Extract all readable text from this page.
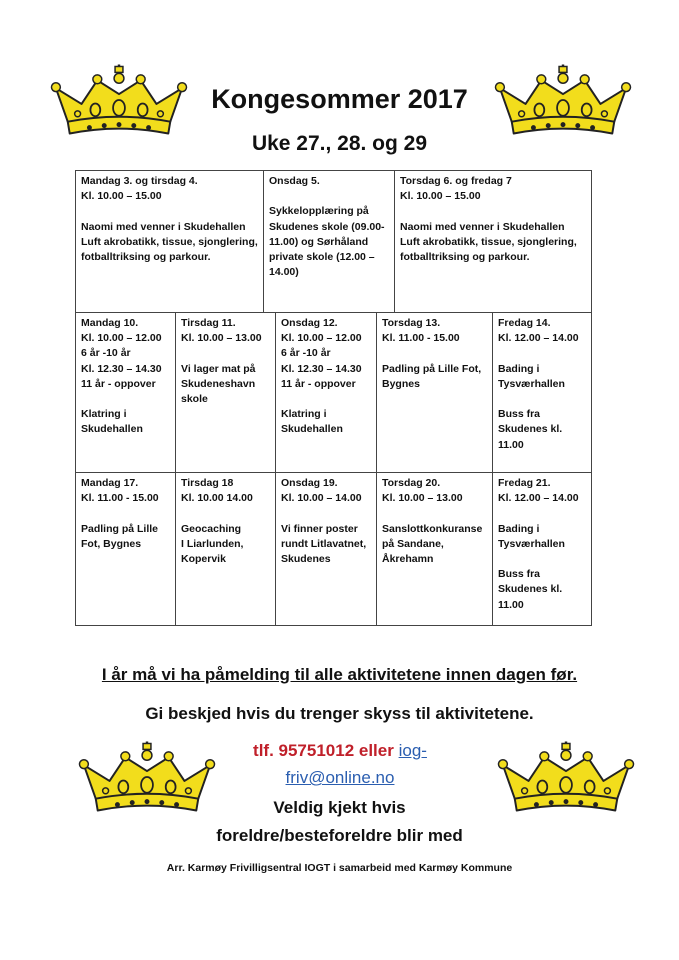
Kongesommer 2017
Uke 27., 28. og 29
Mandag 3. og tirsdag 4.
Kl. 10.00 – 15.00

Naomi med venner i Skudehallen
Luft akrobatikk, tissue, sjonglering, fotballtriksing og parkour.
Onsdag 5.

Sykkelopplæring på Skudenes skole (09.00-11.00) og Sørhåland private skole (12.00 – 14.00)
Torsdag 6. og fredag 7
Kl. 10.00 – 15.00

Naomi med venner i Skudehallen
Luft akrobatikk, tissue, sjonglering, fotballtriksing og parkour.
Mandag 10.
Kl. 10.00 – 12.00
6 år -10 år
Kl. 12.30 – 14.30
11 år - oppover

Klatring i Skudehallen
Tirsdag 11.
Kl. 10.00 – 13.00

Vi lager mat på Skudeneshavn skole
Onsdag 12.
Kl. 10.00 – 12.00
6 år -10 år
Kl. 12.30 – 14.30
11 år - oppover

Klatring i Skudehallen
Torsdag 13.
Kl. 11.00 - 15.00

Padling på Lille Fot, Bygnes
Fredag 14.
Kl. 12.00 – 14.00

Bading i Tysværhallen

Buss fra Skudenes kl. 11.00
Mandag 17.
Kl. 11.00 - 15.00

Padling på Lille Fot, Bygnes
Tirsdag 18
Kl. 10.00 14.00

Geocaching
I Liarlunden, Kopervik
Onsdag 19.
Kl. 10.00 – 14.00

Vi finner poster rundt Litlavatnet, Skudenes
Torsdag 20.
Kl. 10.00 – 13.00

Sanslottkonkuranse på Sandane, Åkrehamn
Fredag 21.
Kl. 12.00 – 14.00

Bading i Tysværhallen

Buss fra Skudenes kl. 11.00
I år må vi ha påmelding til alle aktivitetene innen dagen før.
Gi beskjed hvis du trenger skyss til aktivitetene.
tlf. 95751012 eller iog-friv@online.no
Veldig kjekt hvis
foreldre/besteforeldre blir med
Arr. Karmøy Frivilligsentral IOGT i samarbeid med Karmøy Kommune
